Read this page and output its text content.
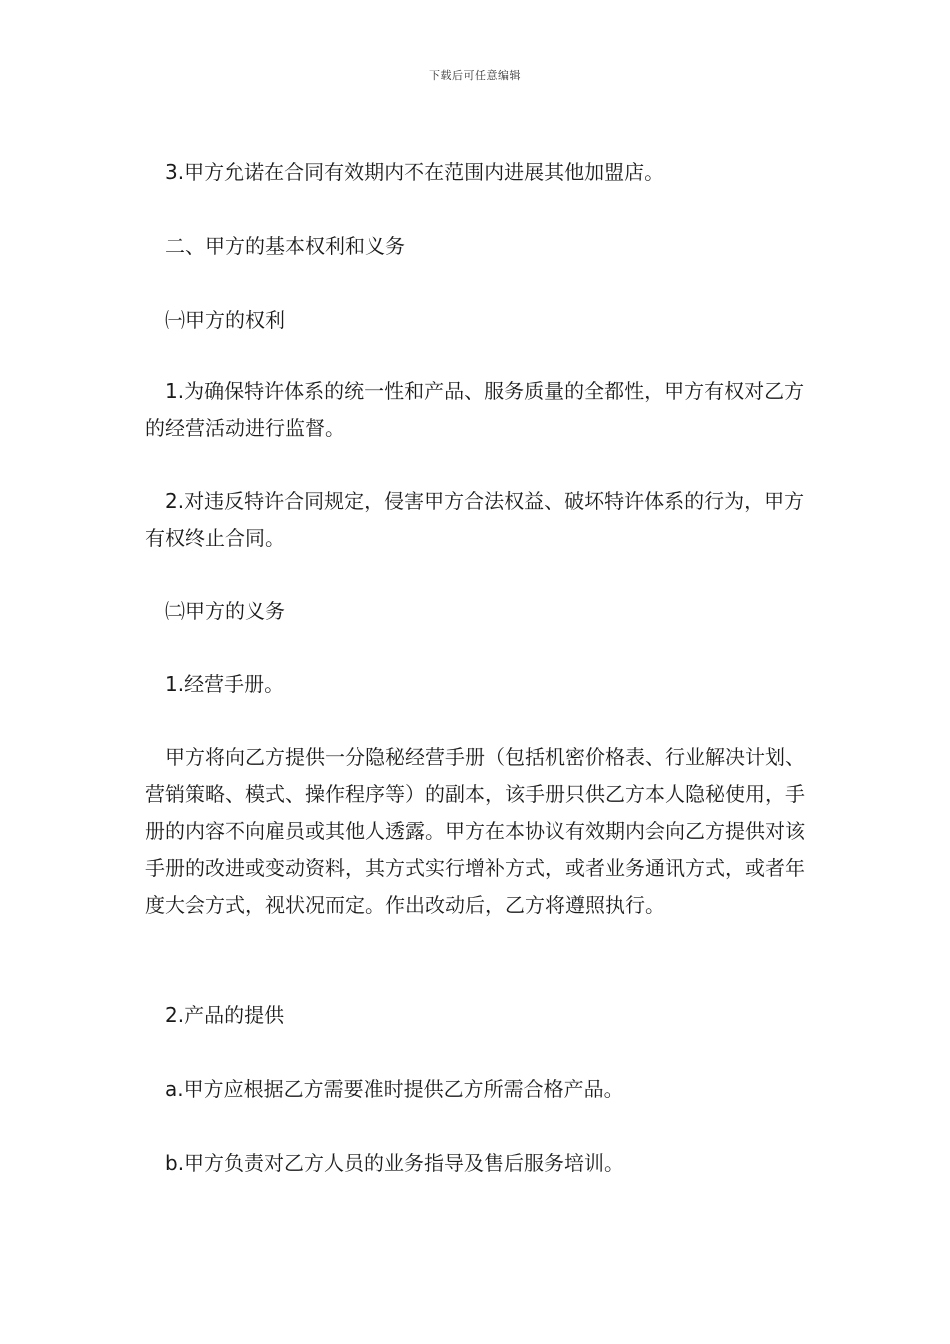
下载后可任意编辑

3.甲方允诺在合同有效期内不在范围内进展其他加盟店。

二、甲方的基本权利和义务

㈠甲方的权利

1.为确保特许体系的统一性和产品、服务质量的全都性，甲方有权对乙方的经营活动进行监督。

2.对违反特许合同规定，侵害甲方合法权益、破坏特许体系的行为，甲方有权终止合同。

㈡甲方的义务

1.经营手册。

甲方将向乙方提供一分隐秘经营手册（包括机密价格表、行业解决计划、营销策略、模式、操作程序等）的副本，该手册只供乙方本人隐秘使用，手册的内容不向雇员或其他人透露。甲方在本协议有效期内会向乙方提供对该手册的改进或变动资料，其方式实行增补方式，或者业务通讯方式，或者年度大会方式，视状况而定。作出改动后，乙方将遵照执行。

2.产品的提供

a.甲方应根据乙方需要准时提供乙方所需合格产品。

b.甲方负责对乙方人员的业务指导及售后服务培训。
